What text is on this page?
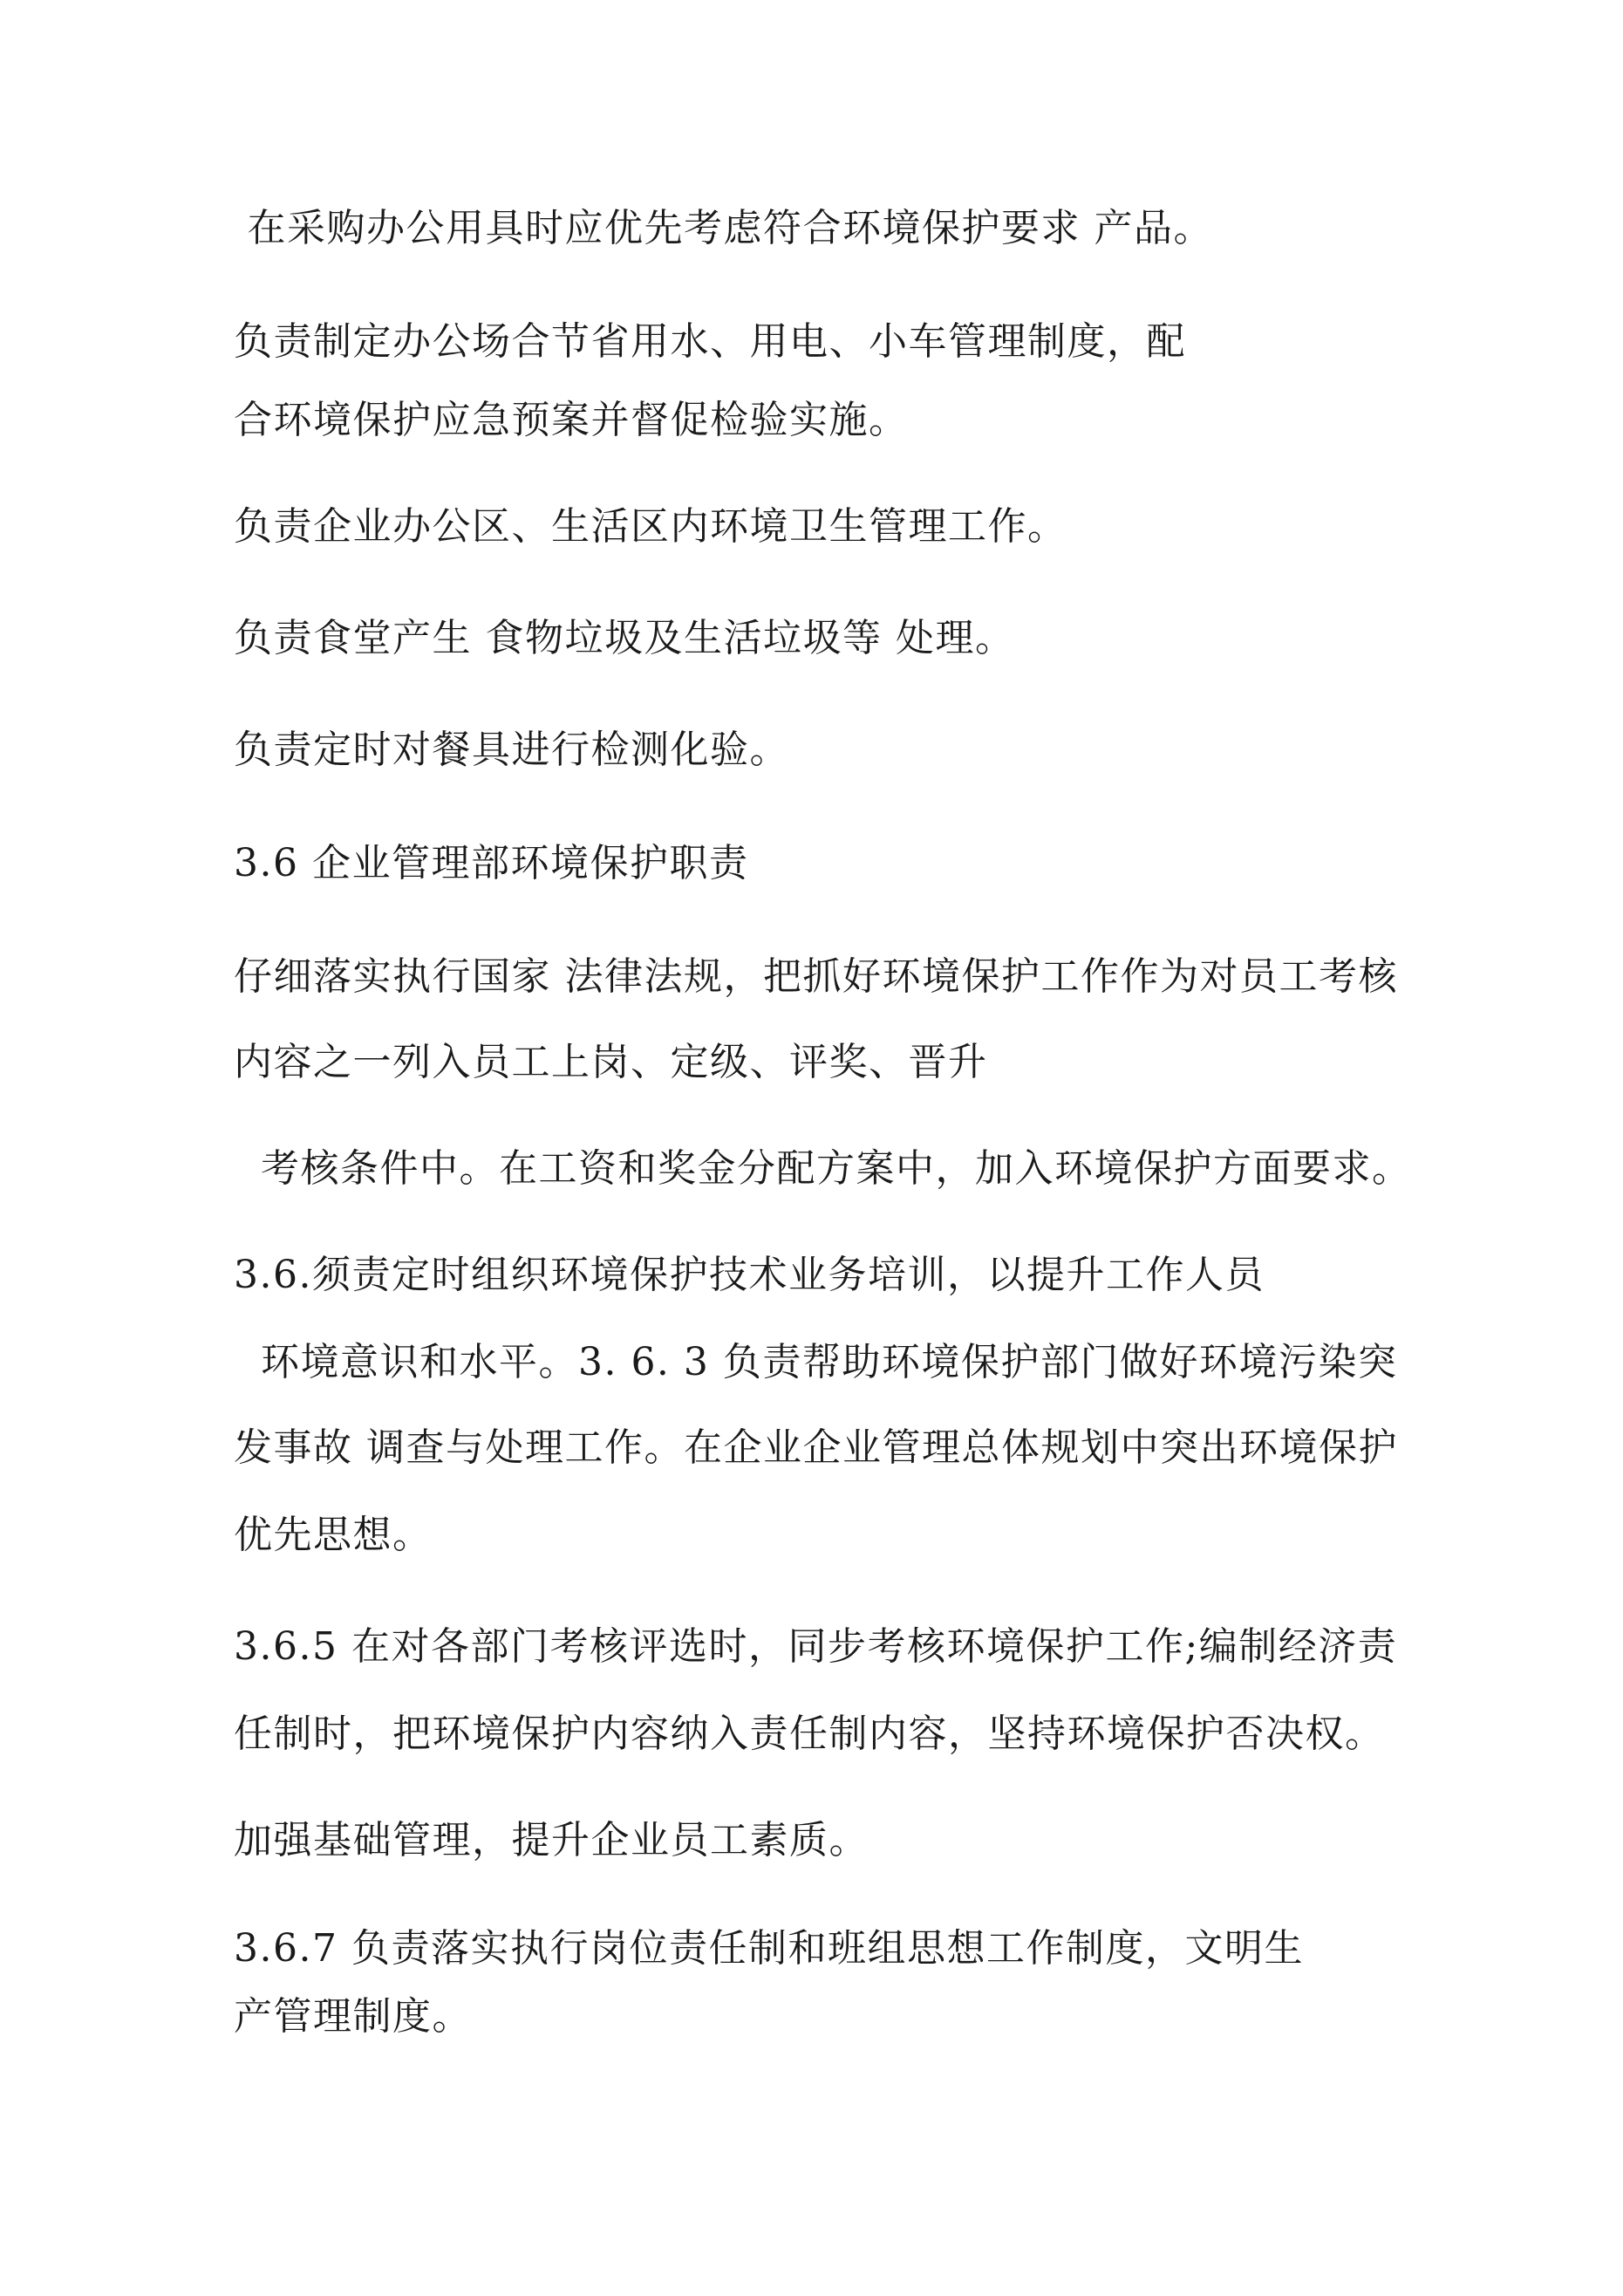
在采购办公用具时应优先考虑符合环境保护要求 产品。
负责制定办公场合节省用水、用电、小车管理制度，配
合环境保护应急预案并督促检验实施。
负责企业办公区、生活区内环境卫生管理工作。
负责食堂产生 食物垃圾及生活垃圾等 处理。
负责定时对餐具进行检测化验。
3.6 企业管理部环境保护职责
仔细落实执行国家 法律法规，把抓好环境保护工作作为对员工考核
内容之一列入员工上岗、定级、评奖、晋升
考核条件中。在工资和奖金分配方案中，加入环境保护方面要求。
3.6.须责定时组织环境保护技术业务培训，以提升工作人员
环境意识和水平。3. 6. 3 负责帮助环境保护部门做好环境污染突
发事故 调查与处理工作。在企业企业管理总体规划中突出环境保护
优先思想。
3.6.5 在对各部门考核评选时，同步考核环境保护工作;编制经济责
任制时，把环境保护内容纳入责任制内容，坚持环境保护否决权。
加强基础管理，提升企业员工素质。
3.6.7 负责落实执行岗位责任制和班组思想工作制度，文明生
产管理制度。
